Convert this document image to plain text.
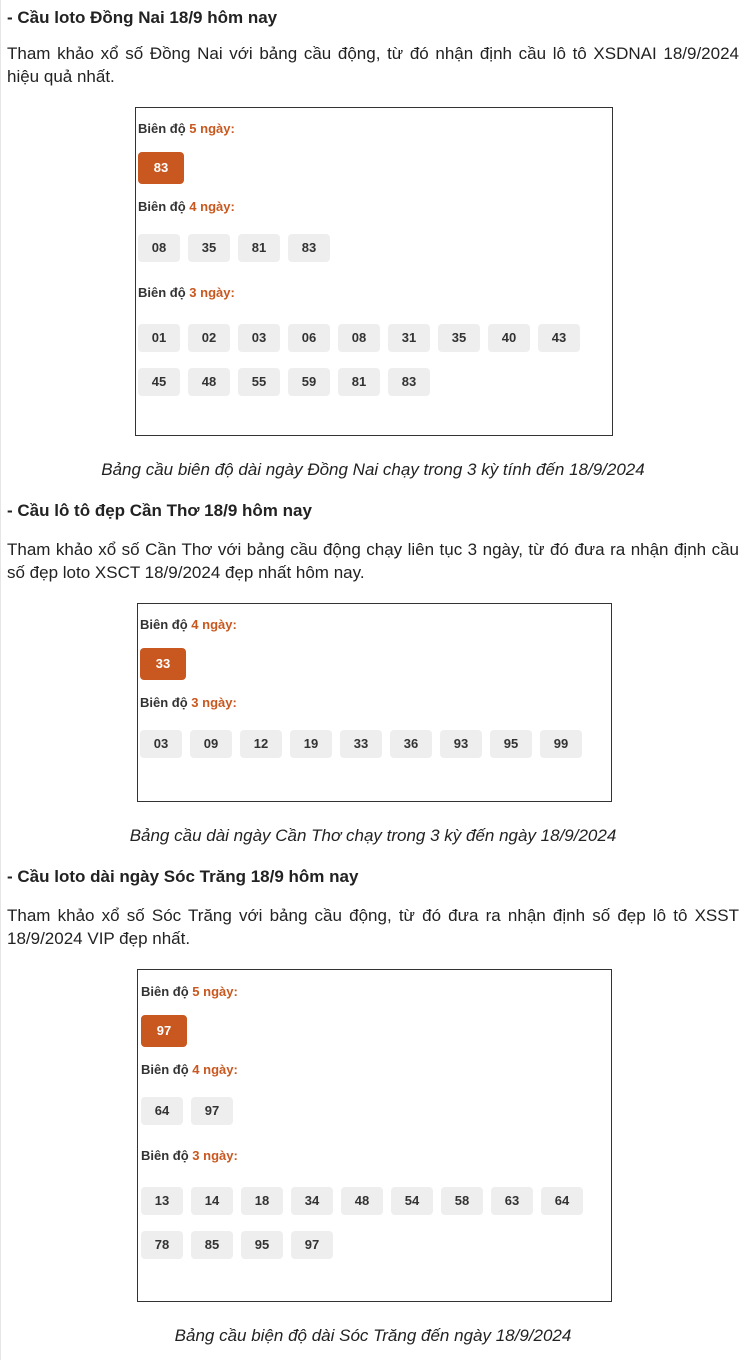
- Cầu loto Đồng Nai 18/9 hôm nay

Tham khảo xổ số Đồng Nai với bảng cầu động, từ đó nhận định cầu lô tô XSDNAI 18/9/2024 hiệu quả nhất.

Biên độ 5 ngày:
83
Biên độ 4 ngày:
08	35	81	83
Biên độ 3 ngày:
01	02	03	06	08	31	35	40	43
45	48	55	59	81	83

Bảng cầu biên độ dài ngày Đồng Nai chạy trong 3 kỳ tính đến 18/9/2024

- Cầu lô tô đẹp Cần Thơ 18/9 hôm nay

Tham khảo xổ số Cần Thơ với bảng cầu động chạy liên tục 3 ngày, từ đó đưa ra nhận định cầu số đẹp loto XSCT 18/9/2024 đẹp nhất hôm nay.

Biên độ 4 ngày:
33
Biên độ 3 ngày:
03	09	12	19	33	36	93	95	99

Bảng cầu dài ngày Cần Thơ chạy trong 3 kỳ đến ngày 18/9/2024

- Cầu loto dài ngày Sóc Trăng 18/9 hôm nay

Tham khảo xổ số Sóc Trăng với bảng cầu động, từ đó đưa ra nhận định số đẹp lô tô XSST 18/9/2024 VIP đẹp nhất.

Biên độ 5 ngày:
97
Biên độ 4 ngày:
64	97
Biên độ 3 ngày:
13	14	18	34	48	54	58	63	64
78	85	95	97

Bảng cầu biện độ dài Sóc Trăng đến ngày 18/9/2024
